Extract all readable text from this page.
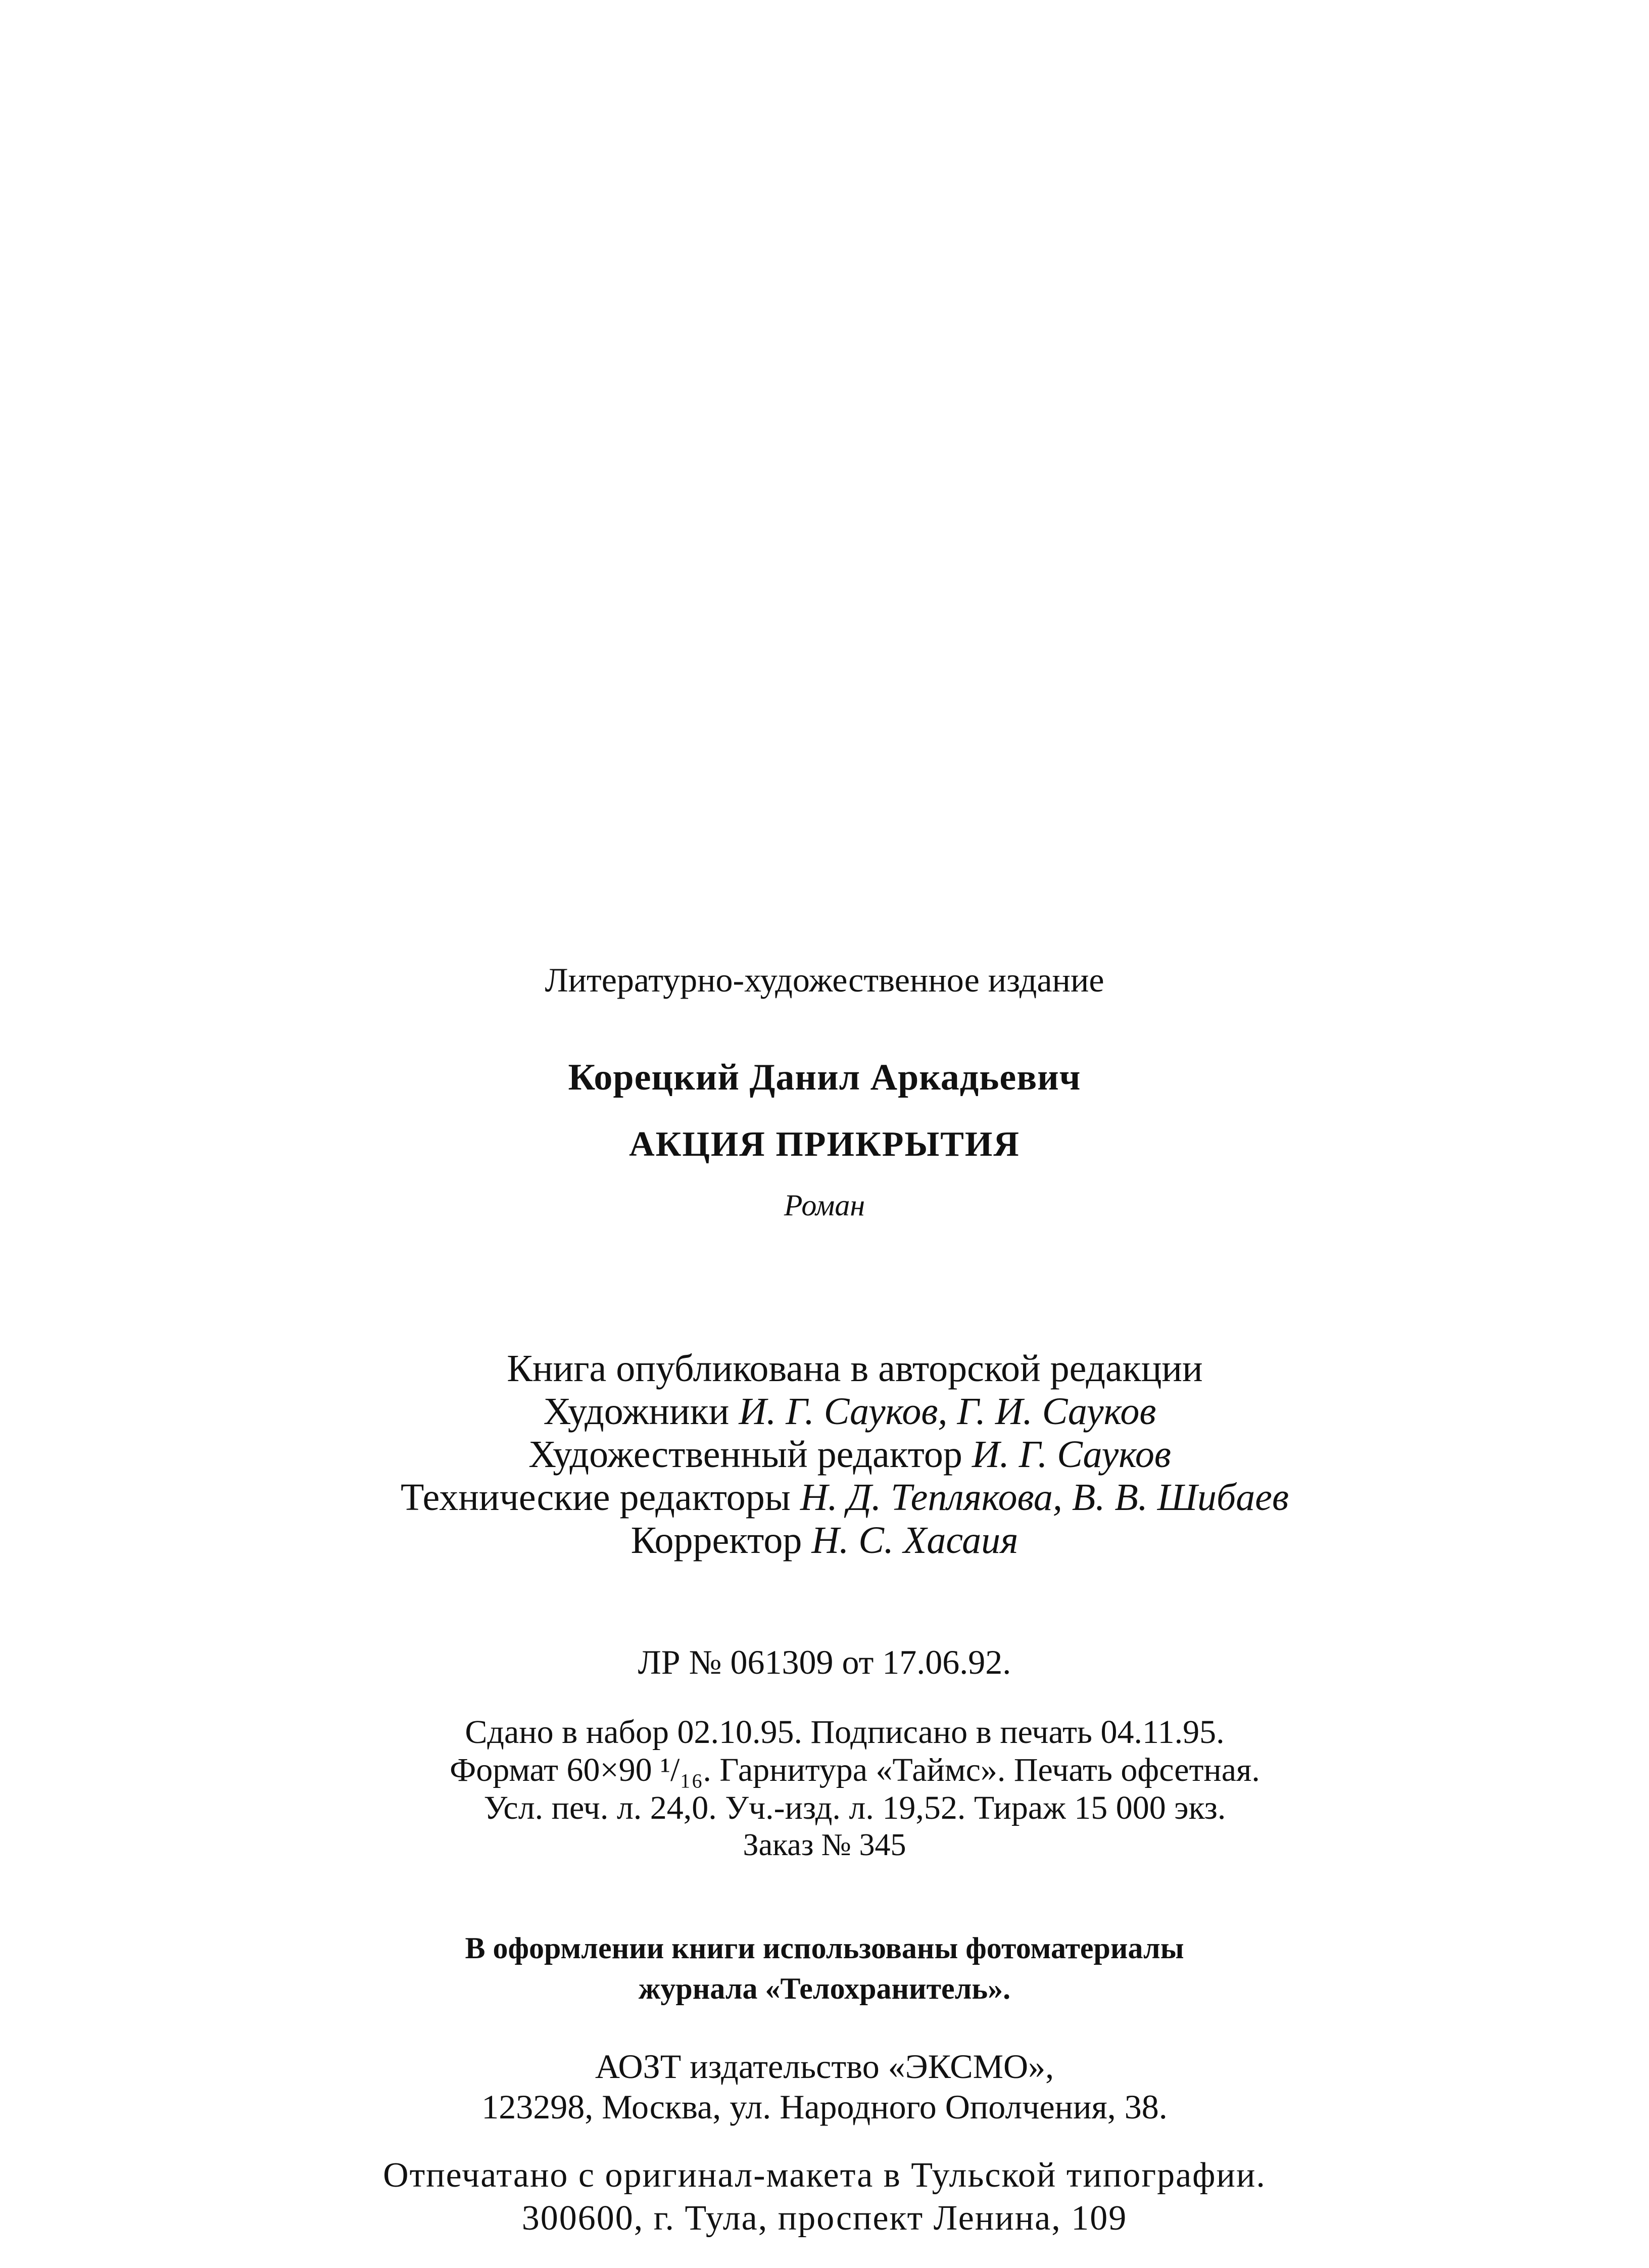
Литературно-художественное издание
Корецкий Данил Аркадьевич
АКЦИЯ ПРИКРЫТИЯ
Роман
Книга опубликована в авторской редакции
Художники И. Г. Сауков, Г. И. Сауков
Художественный редактор И. Г. Сауков
Технические редакторы Н. Д. Теплякова, В. В. Шибаев
Корректор Н. С. Хасаия
ЛР № 061309 от 17.06.92.
Сдано в набор 02.10.95. Подписано в печать 04.11.95.
Формат 60×90 ¹/₁₆. Гарнитура «Таймс». Печать офсетная.
Усл. печ. л. 24,0. Уч.-изд. л. 19,52. Тираж 15 000 экз.
Заказ № 345
В оформлении книги использованы фотоматериалы
журнала «Телохранитель».
АОЗТ издательство «ЭКСМО»,
123298, Москва, ул. Народного Ополчения, 38.
Отпечатано с оригинал-макета в Тульской типографии.
300600, г. Тула, проспект Ленина, 109
